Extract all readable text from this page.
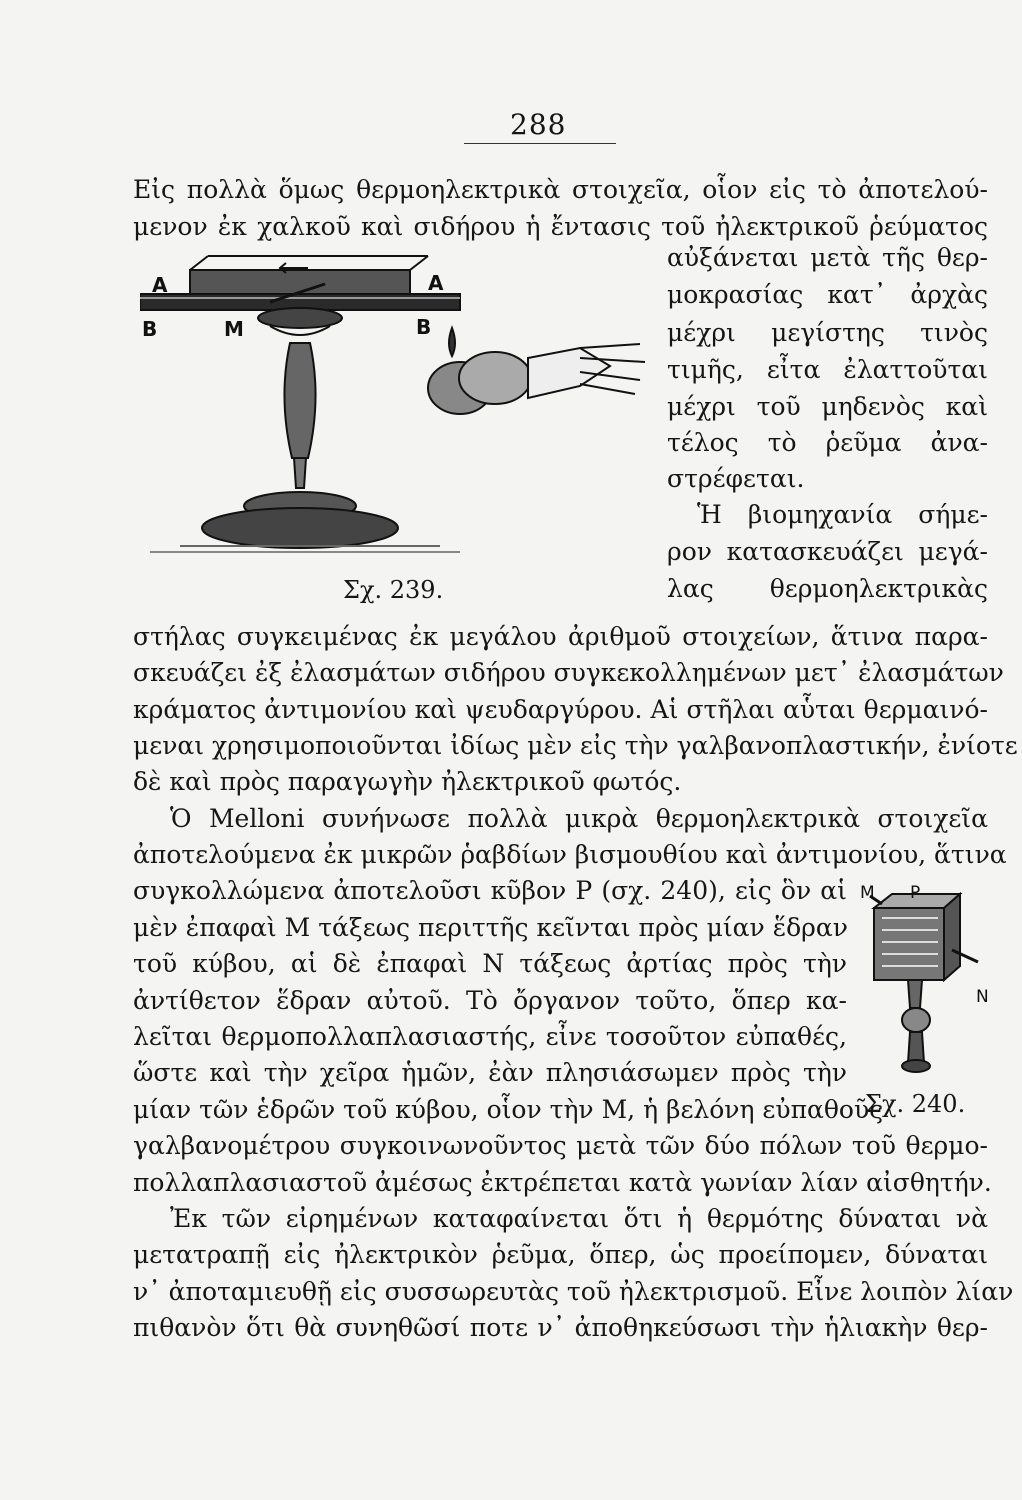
288
Εἰς πολλὰ ὅμως θερμοηλεκτρικὰ στοιχεῖα, οἷον εἰς τὸ ἀποτελού-
μενον ἐκ χαλκοῦ καὶ σιδήρου ἡ ἔντασις τοῦ ἠλεκτρικοῦ ῥεύματος
αὐξάνεται μετὰ τῆς θερ-
μοκρασίας κατ᾿ ἀρχὰς
μέχρι μεγίστης τινὸς
τιμῆς, εἶτα ἐλαττοῦται
μέχρι τοῦ μηδενὸς καὶ
τέλος τὸ ῥεῦμα ἀνα-
στρέφεται.
Ἡ βιομηχανία σήμε-
ρον κατασκευάζει μεγά-
λας θερμοηλεκτρικὰς
A	A
B	M	B
Σχ. 239.
στήλας συγκειμένας ἐκ μεγάλου ἀριθμοῦ στοιχείων, ἅτινα παρα-
σκευάζει ἐξ ἐλασμάτων σιδήρου συγκεκολλημένων μετ᾿ ἐλασμάτων
κράματος ἀντιμονίου καὶ ψευδαργύρου. Αἱ στῆλαι αὗται θερμαινό-
μεναι χρησιμοποιοῦνται ἰδίως μὲν εἰς τὴν γαλβανοπλαστικήν, ἐνίοτε
δὲ καὶ πρὸς παραγωγὴν ἠλεκτρικοῦ φωτός.
Ὁ Melloni συνήνωσε πολλὰ μικρὰ θερμοηλεκτρικὰ στοιχεῖα
ἀποτελούμενα ἐκ μικρῶν ῥαβδίων βισμουθίου καὶ ἀντιμονίου, ἅτινα
συγκολλώμενα ἀποτελοῦσι κῦβον Ρ (σχ. 240), εἰς ὃν αἱ
μὲν ἐπαφαὶ Μ τάξεως περιττῆς κεῖνται πρὸς μίαν ἕδραν
τοῦ κύβου, αἱ δὲ ἐπαφαὶ Ν τάξεως ἀρτίας πρὸς τὴν
ἀντίθετον ἕδραν αὐτοῦ. Τὸ ὄργανον τοῦτο, ὅπερ κα-
λεῖται θερμοπολλαπλασιαστής, εἶνε τοσοῦτον εὐπαθές,
ὥστε καὶ τὴν χεῖρα ἡμῶν, ἐὰν πλησιάσωμεν πρὸς τὴν
μίαν τῶν ἑδρῶν τοῦ κύβου, οἷον τὴν Μ, ἡ βελόνη εὐπαθοῦς
M P
N
Σχ. 240.
γαλβανομέτρου συγκοινωνοῦντος μετὰ τῶν δύο πόλων τοῦ θερμο-
πολλαπλασιαστοῦ ἀμέσως ἐκτρέπεται κατὰ γωνίαν λίαν αἰσθητήν.
Ἐκ τῶν εἰρημένων καταφαίνεται ὅτι ἡ θερμότης δύναται νὰ
μετατραπῇ εἰς ἠλεκτρικὸν ῥεῦμα, ὅπερ, ὡς προείπομεν, δύναται
ν᾿ ἀποταμιευθῇ εἰς συσσωρευτὰς τοῦ ἠλεκτρισμοῦ. Εἶνε λοιπὸν λίαν
πιθανὸν ὅτι θὰ συνηθῶσί ποτε ν᾿ ἀποθηκεύσωσι τὴν ἡλιακὴν θερ-
